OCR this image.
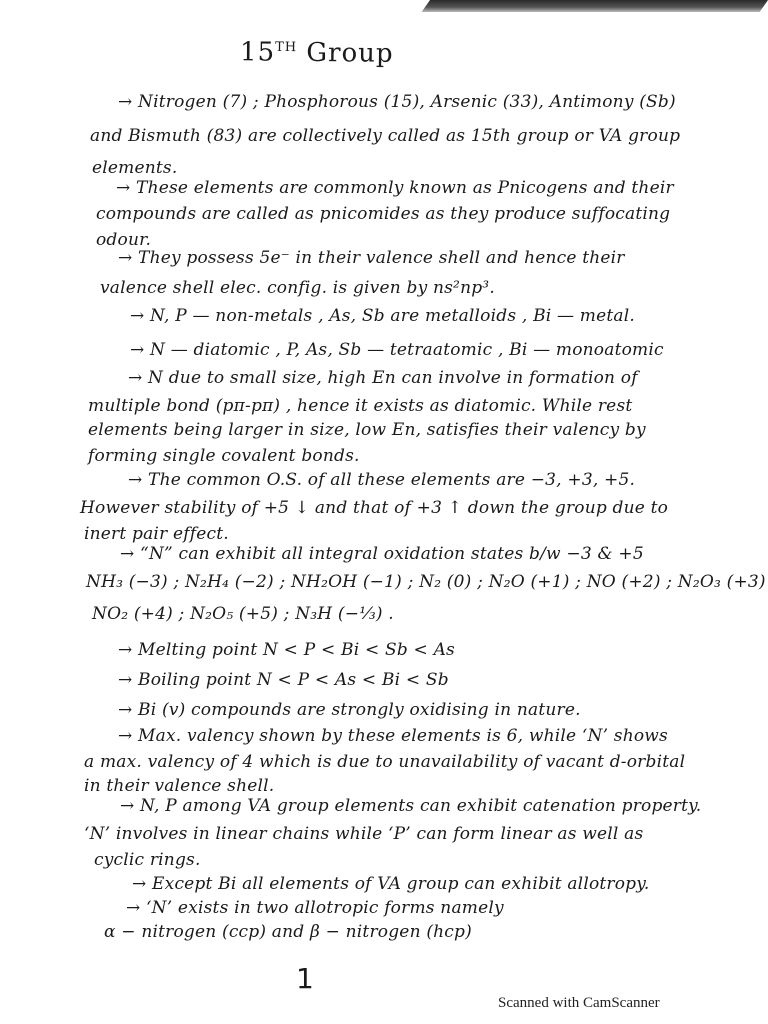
15TH Group
→ Nitrogen (7) ; Phosphorous (15), Arsenic (33), Antimony (Sb)
and Bismuth (83) are collectively called as 15th group or VA group
elements.
→ These elements are commonly known as Pnicogens and their
compounds are called as pnicomides as they produce suffocating
odour.
→ They possess 5e⁻ in their valence shell and hence their
valence shell elec. config. is given by ns²np³.
→ N, P — non-metals , As, Sb are metalloids , Bi — metal.
→ N — diatomic , P, As, Sb — tetraatomic , Bi — monoatomic
→ N due to small size, high En can involve in formation of
multiple bond (pπ-pπ) , hence it exists as diatomic. While rest
elements being larger in size, low En, satisfies their valency by
forming single covalent bonds.
→ The common O.S. of all these elements are −3, +3, +5.
However stability of +5 ↓ and that of +3 ↑ down the group due to
inert pair effect.
→ “N” can exhibit all integral oxidation states b/w −3 & +5
NH₃ (−3) ; N₂H₄ (−2) ; NH₂OH (−1) ; N₂ (0) ; N₂O (+1) ; NO (+2) ; N₂O₃ (+3)
NO₂ (+4) ; N₂O₅ (+5) ; N₃H (−⅓) .
→ Melting point N < P < Bi < Sb < As
→ Boiling point N < P < As < Bi < Sb
→ Bi (v) compounds are strongly oxidising in nature.
→ Max. valency shown by these elements is 6, while ‘N’ shows
a max. valency of 4 which is due to unavailability of vacant d-orbital
in their valence shell.
→ N, P among VA group elements can exhibit catenation property.
‘N’ involves in linear chains while ‘P’ can form linear as well as
cyclic rings.
→ Except Bi all elements of VA group can exhibit allotropy.
→ ‘N’ exists in two allotropic forms namely
α − nitrogen (ccp) and β − nitrogen (hcp)
1
Scanned with CamScanner
